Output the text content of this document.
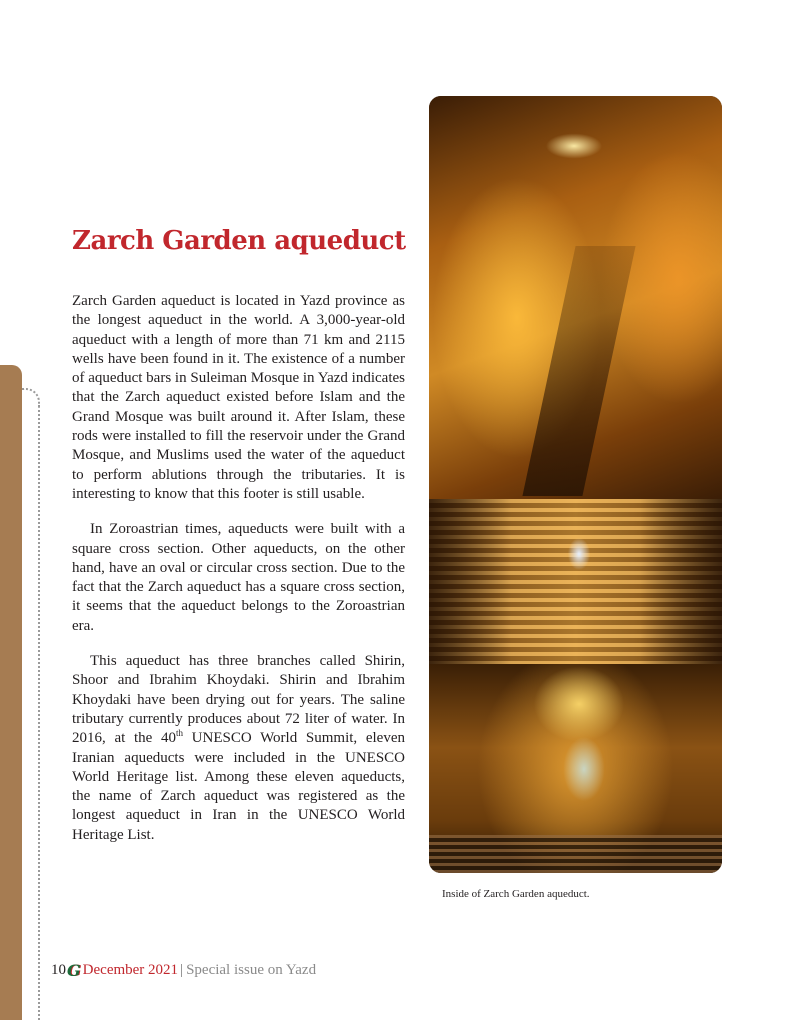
Zarch Garden aqueduct

Zarch Garden aqueduct is located in Yazd province as the longest aqueduct in the world. A 3,000-year-old aqueduct with a length of more than 71 km and 2115 wells have been found in it. The existence of a number of aqueduct bars in Suleiman Mosque in Yazd indicates that the Zarch aqueduct existed before Islam and the Grand Mosque was built around it. After Islam, these rods were installed to fill the reservoir under the Grand Mosque, and Muslims used the water of the aqueduct to perform ablutions through the tributaries. It is interesting to know that this footer is still usable.

In Zoroastrian times, aqueducts were built with a square cross section. Other aqueducts, on the other hand, have an oval or circular cross section. Due to the fact that the Zarch aqueduct has a square cross section, it seems that the aqueduct belongs to the Zoroastrian era.

This aqueduct has three branches called Shirin, Shoor and Ibrahim Khoydaki. Shirin and Ibrahim Khoydaki have been drying out for years. The saline tributary currently produces about 72 liter of water. In 2016, at the 40th UNESCO World Summit, eleven Iranian aqueducts were included in the UNESCO World Heritage list. Among these eleven aqueducts, the name of Zarch aqueduct was registered as the longest aqueduct in Iran in the UNESCO World Heritage List.

Inside of Zarch Garden aqueduct.
10 G December 2021 | Special issue on Yazd
